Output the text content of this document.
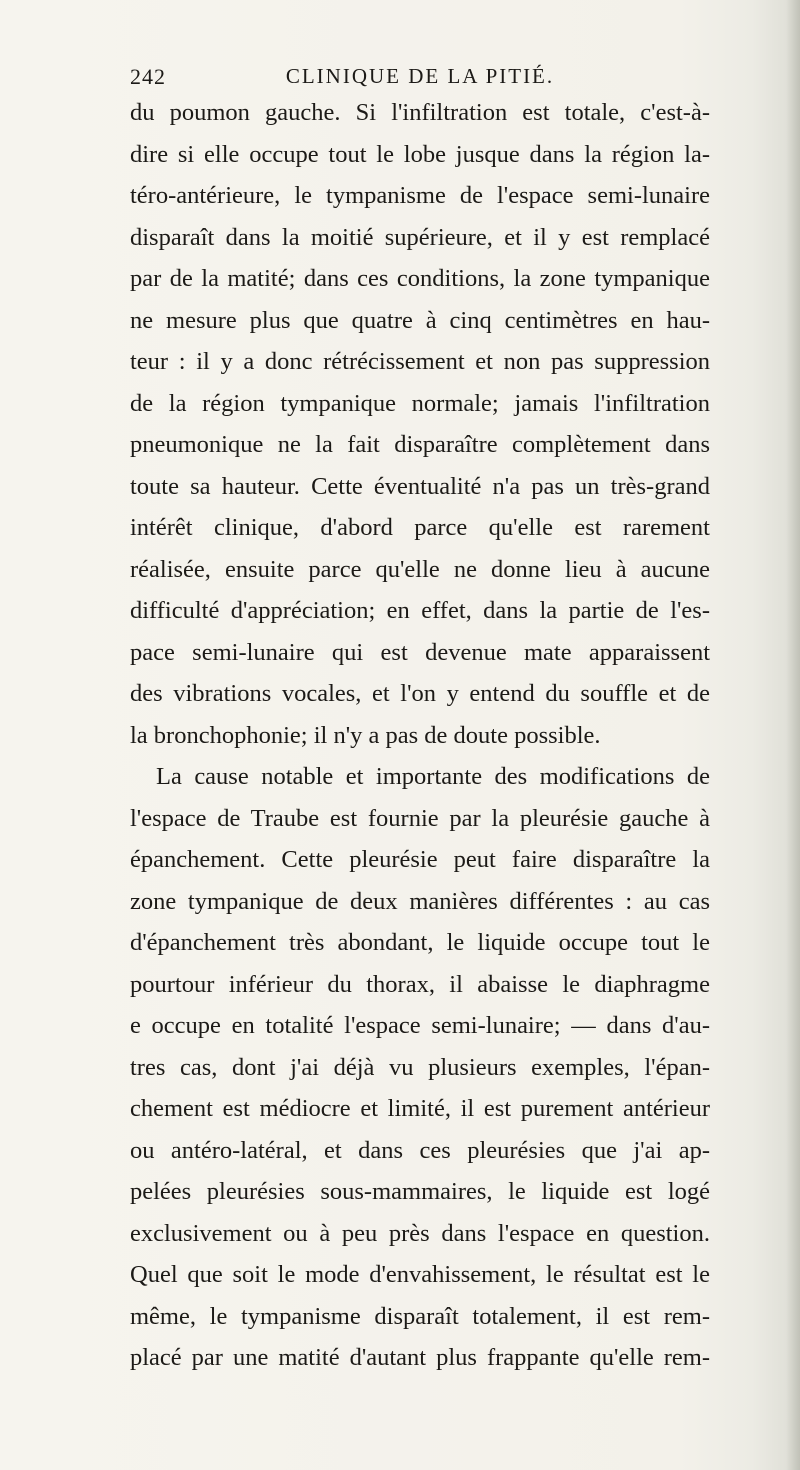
242	CLINIQUE DE LA PITIÉ.
du poumon gauche. Si l'infiltration est totale, c'est-à-
dire si elle occupe tout le lobe jusque dans la région la-
téro-antérieure, le tympanisme de l'espace semi-lunaire
disparaît dans la moitié supérieure, et il y est remplacé
par de la matité; dans ces conditions, la zone tympanique
ne mesure plus que quatre à cinq centimètres en hau-
teur : il y a donc rétrécissement et non pas suppression
de la région tympanique normale; jamais l'infiltration
pneumonique ne la fait disparaître complètement dans
toute sa hauteur. Cette éventualité n'a pas un très-grand
intérêt clinique, d'abord parce qu'elle est rarement
réalisée, ensuite parce qu'elle ne donne lieu à aucune
difficulté d'appréciation; en effet, dans la partie de l'es-
pace semi-lunaire qui est devenue mate apparaissent
des vibrations vocales, et l'on y entend du souffle et de
la bronchophonie; il n'y a pas de doute possible.
La cause notable et importante des modifications de
l'espace de Traube est fournie par la pleurésie gauche à
épanchement. Cette pleurésie peut faire disparaître la
zone tympanique de deux manières différentes : au cas
d'épanchement très abondant, le liquide occupe tout le
pourtour inférieur du thorax, il abaisse le diaphragme
e occupe en totalité l'espace semi-lunaire; — dans d'au-
tres cas, dont j'ai déjà vu plusieurs exemples, l'épan-
chement est médiocre et limité, il est purement antérieur
ou antéro-latéral, et dans ces pleurésies que j'ai ap-
pelées pleurésies sous-mammaires, le liquide est logé
exclusivement ou à peu près dans l'espace en question.
Quel que soit le mode d'envahissement, le résultat est le
même, le tympanisme disparaît totalement, il est rem-
placé par une matité d'autant plus frappante qu'elle rem-
